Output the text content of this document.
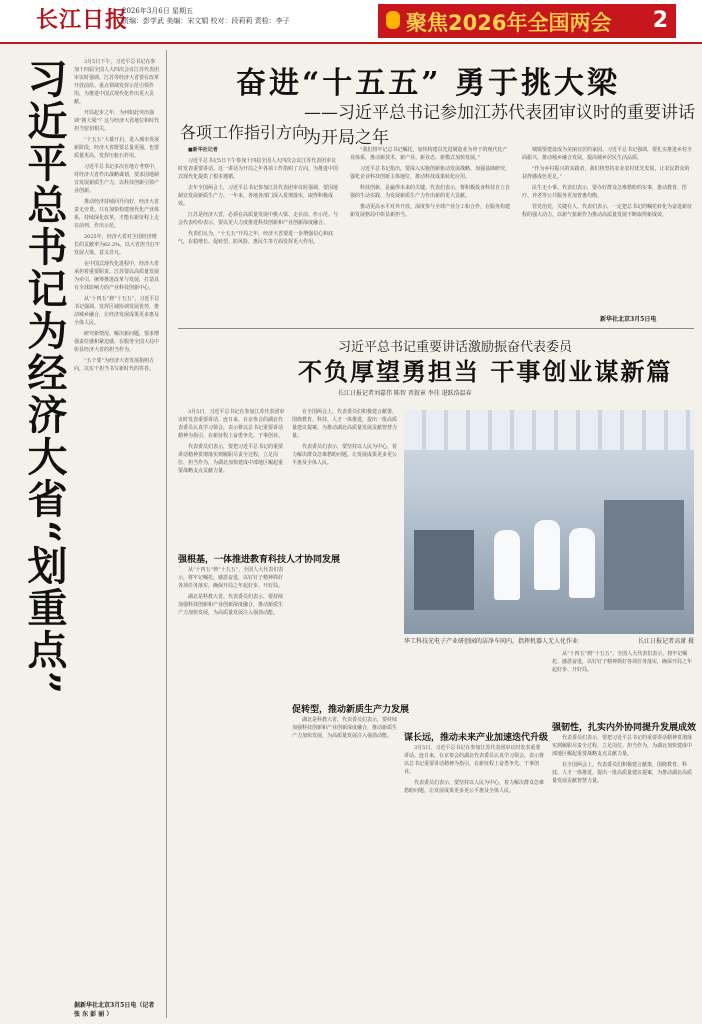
长江日报
2026年3月6日 星期五
责编：彭学武 美编：宋文娟 校对：段莉莉 责检：李子	聚焦2026年全国两会 2
习近平总书记为经济大省“划重点”	3月5日下午，习近平总书记在参加十四届全国人大四次会议江苏代表团审议时强调，江苏等经济大省要在改革开放前沿、重点领域发挥示范引领作用，为推进中国式现代化作出更大贡献。

开局起步之年，为何如此突出强调“挑大梁”？这与经济大省地位和时代担当密切相关。

“十五五”大幕开启，进入城市发展新阶段，经济大省既要总量更强，也要质量更高，发挥压舱石作用。

习近平总书记多次在地方考察中，对经济大省作出战略谋划，要求因地制宜发展新质生产力，以科技创新引领产业创新。

推动经济持续回升向好，经济大省责无旁贷。只有加快构建现代化产业体系，持续深化改革，才能在新征程上走在前列、作出示范。

2025年，经济大省对全国经济增长的贡献率为62.2%，以大省担当扛牢发展大梁，意义非凡。

在中国式现代化进程中，经济大省承担着重要职责。江苏要以高质量发展为牵引，统筹推进改革与发展，打造具有全球影响力的产业科技创新中心。

从“十四五”到“十五五”，习近平总书记强调，发挥区域协调发展优势，推动城乡融合，让经济发展成果更多惠及全体人民。

研究新情况、解决新问题，要求增强责任感和紧迫感，在服务全国大局中彰显经济大省的担当作为。

“五个要”为经济大省发展指明方向，以实干担当书写新时代的答卷。

据新华社北京3月5日电（记者 张 东 彭 丽 ）
奋进“十五五” 勇于挑大梁
——习近平总书记参加江苏代表团审议时的重要讲话为开局之年
各项工作指引方向

■新华社记者

习近平总书记5日下午参加十四届全国人大四次会议江苏代表团审议时发表重要讲话。这一讲话为开局之年各项工作指明了方向，为推进中国式现代化提供了根本遵循。

去年全国两会上，习近平总书记参加江苏代表团审议时强调，要因地制宜发展新质生产力。一年来，各地各部门深入贯彻落实，取得积极成效。

江苏是经济大省，必须在高质量发展中挑大梁、走在前、作示范。与会代表纷纷表示，要以更大力度推进科技创新和产业创新深度融合。

代表们认为，“十五五”开局之年，经济大省要进一步增强信心和底气，在稳增长、促转型、防风险、惠民生等方面发挥更大作用。

“我们将牢记总书记嘱托，加快构建以先进制造业为骨干的现代化产业体系，推动新技术、新产业、新业态、新模式加快发展。”

习近平总书记指出，要深入实施创新驱动发展战略，加强基础研究，强化企业科技创新主体地位，推动科技成果转化应用。

科技创新，是赢得未来的关键。代表们表示，将积极投身科技自立自强的生动实践，为发展新质生产力作出新的更大贡献。

推动更高水平对外开放，深度参与全球产业分工和合作，在服务构建新发展格局中彰显新担当。

城镇要建设成为美丽宜居的家园。习近平总书记强调，要扎实推进乡村全面振兴，推动城乡融合发展，提高城乡居民生活品质。

“作为乡村振兴的实践者，我们将坚持农业农村优先发展，让农民群众的获得感成色更足。”

民生无小事。代表们表示，要办好群众急难愁盼的实事，推动教育、医疗、养老等公共服务更加普惠均衡。

管党治党，关键在人。代表们表示，一定把总书记的嘱托转化为奋进新征程的强大动力，以新气象新作为推动高质量发展不断取得新成效。

新华社北京3月5日电
习近平总书记重要讲话激励振奋代表委员
不负厚望勇担当 干事创业谋新篇
长江日报记者刘嘉伟 陈智 晋叙章 李佳 谌跃浩温春

3月5日，习近平总书记在参加江苏代表团审议时发表重要讲话。连日来，在京参会的湖北代表委员认真学习领会，表示将以总书记重要讲话精神为指引，在新征程上奋勇争先、干事创业。

代表委员们表示，要把习近平总书记的重要讲话精神贯彻落实到履职尽责全过程，立足岗位、担当作为，为湖北加快建成中部地区崛起重要战略支点贡献力量。

强根基，一体推进教育科技人才协同发展

从“十四五”到“十五五”，全国人大代表们表示，将牢记嘱托、感恩奋进，以钉钉子精神抓好各项任务落实，确保开局之年起好步、开好局。

湖北是科教大省。代表委员们表示，要持续加强科技创新和产业创新深度融合，推动新质生产力加快发展，为高质量发展注入强劲动能。

在全国两会上，代表委员们积极建言献策，围绕教育、科技、人才一体推进，提出一批高质量建议提案，为推动湖北高质量发展贡献智慧力量。

代表委员们表示，要坚持以人民为中心，着力解决群众急难愁盼问题，让发展成果更多更公平惠及全体人民。

促转型，推动新质生产力发展

湖北是科教大省。代表委员们表示，要持续加强科技创新和产业创新深度融合，推动新质生产力加快发展，为高质量发展注入强劲动能。

华工科技光电子产业研创园的洁净车间内，指挥机器人无人化作业	长江日报记者高萧 摄
谋长远，推动未来产业加速迭代升级

3月5日，习近平总书记在参加江苏代表团审议时发表重要讲话。连日来，在京参会的湖北代表委员认真学习领会，表示将以总书记重要讲话精神为指引，在新征程上奋勇争先、干事创业。

代表委员们表示，要坚持以人民为中心，着力解决群众急难愁盼问题，让发展成果更多更公平惠及全体人民。

从“十四五”到“十五五”，全国人大代表们表示，将牢记嘱托、感恩奋进，以钉钉子精神抓好各项任务落实，确保开局之年起好步、开好局。

强韧性，扎实内外协同提升发展成效

代表委员们表示，要把习近平总书记的重要讲话精神贯彻落实到履职尽责全过程，立足岗位、担当作为，为湖北加快建成中部地区崛起重要战略支点贡献力量。

在全国两会上，代表委员们积极建言献策，围绕教育、科技、人才一体推进，提出一批高质量建议提案，为推动湖北高质量发展贡献智慧力量。
